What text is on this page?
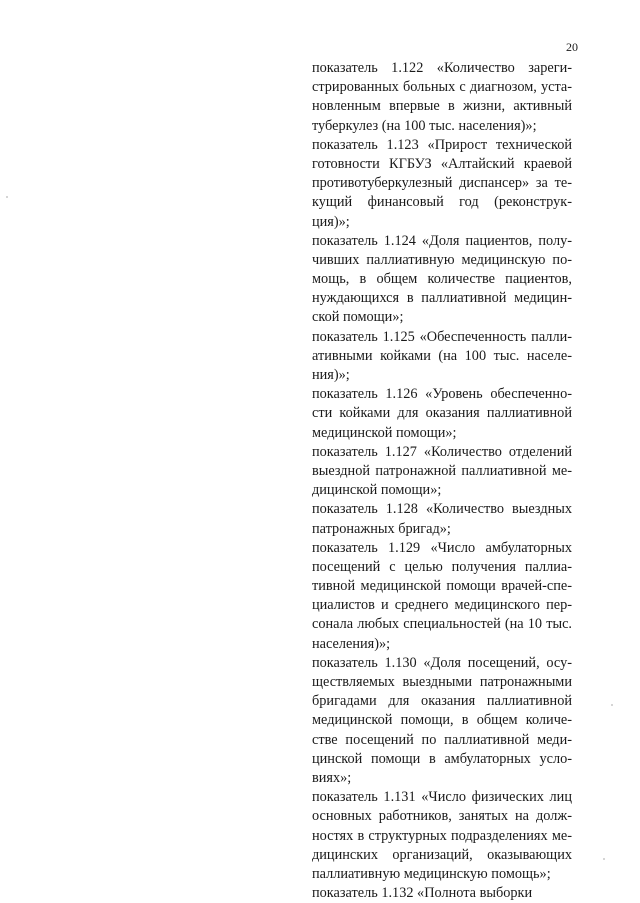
20
показатель 1.122 «Количество зареги-
стрированных больных с диагнозом, уста-
новленным впервые в жизни, активный
туберкулез (на 100 тыс. населения)»;
показатель 1.123 «Прирост технической
готовности КГБУЗ «Алтайский краевой
противотуберкулезный диспансер» за те-
кущий финансовый год (реконструк-
ция)»;
показатель 1.124 «Доля пациентов, полу-
чивших паллиативную медицинскую по-
мощь, в общем количестве пациентов,
нуждающихся в паллиативной медицин-
ской помощи»;
показатель 1.125 «Обеспеченность палли-
ативными койками (на 100 тыс. населе-
ния)»;
показатель 1.126 «Уровень обеспеченно-
сти койками для оказания паллиативной
медицинской помощи»;
показатель 1.127 «Количество отделений
выездной патронажной паллиативной ме-
дицинской помощи»;
показатель 1.128 «Количество выездных
патронажных бригад»;
показатель 1.129 «Число амбулаторных
посещений с целью получения паллиа-
тивной медицинской помощи врачей-спе-
циалистов и среднего медицинского пер-
сонала любых специальностей (на 10 тыс.
населения)»;
показатель 1.130 «Доля посещений, осу-
ществляемых выездными патронажными
бригадами для оказания паллиативной
медицинской помощи, в общем количе-
стве посещений по паллиативной меди-
цинской помощи в амбулаторных усло-
виях»;
показатель 1.131 «Число физических лиц
основных работников, занятых на долж-
ностях в структурных подразделениях ме-
дицинских организаций, оказывающих
паллиативную медицинскую помощь»;
показатель 1.132 «Полнота выборки
